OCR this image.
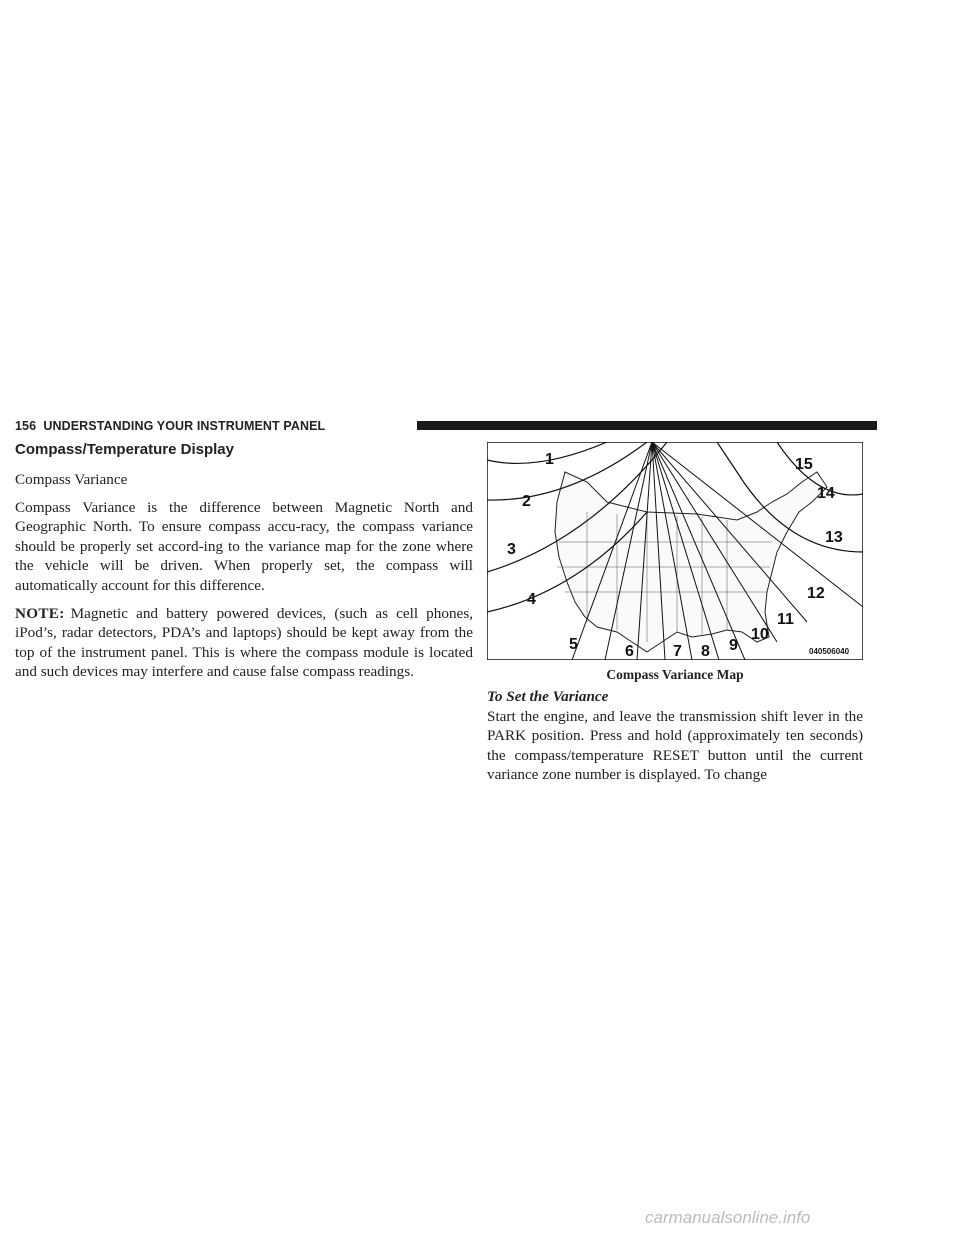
156 UNDERSTANDING YOUR INSTRUMENT PANEL
Compass/Temperature Display

Compass Variance

Compass Variance is the difference between Magnetic North and Geographic North. To ensure compass accu-racy, the compass variance should be properly set accord-ing to the variance map for the zone where the vehicle will be driven. When properly set, the compass will automatically account for this difference.

NOTE: Magnetic and battery powered devices, (such as cell phones, iPod’s, radar detectors, PDA’s and laptops) should be kept away from the top of the instrument panel. This is where the compass module is located and such devices may interfere and cause false compass readings.

1
2
3
4
5	6 7 8 9
10
11
12
13
14
15
040506040
Compass Variance Map

To Set the Variance

Start the engine, and leave the transmission shift lever in the PARK position. Press and hold (approximately ten seconds) the compass/temperature RESET button until the current variance zone number is displayed. To change

carmanualsonline.info
